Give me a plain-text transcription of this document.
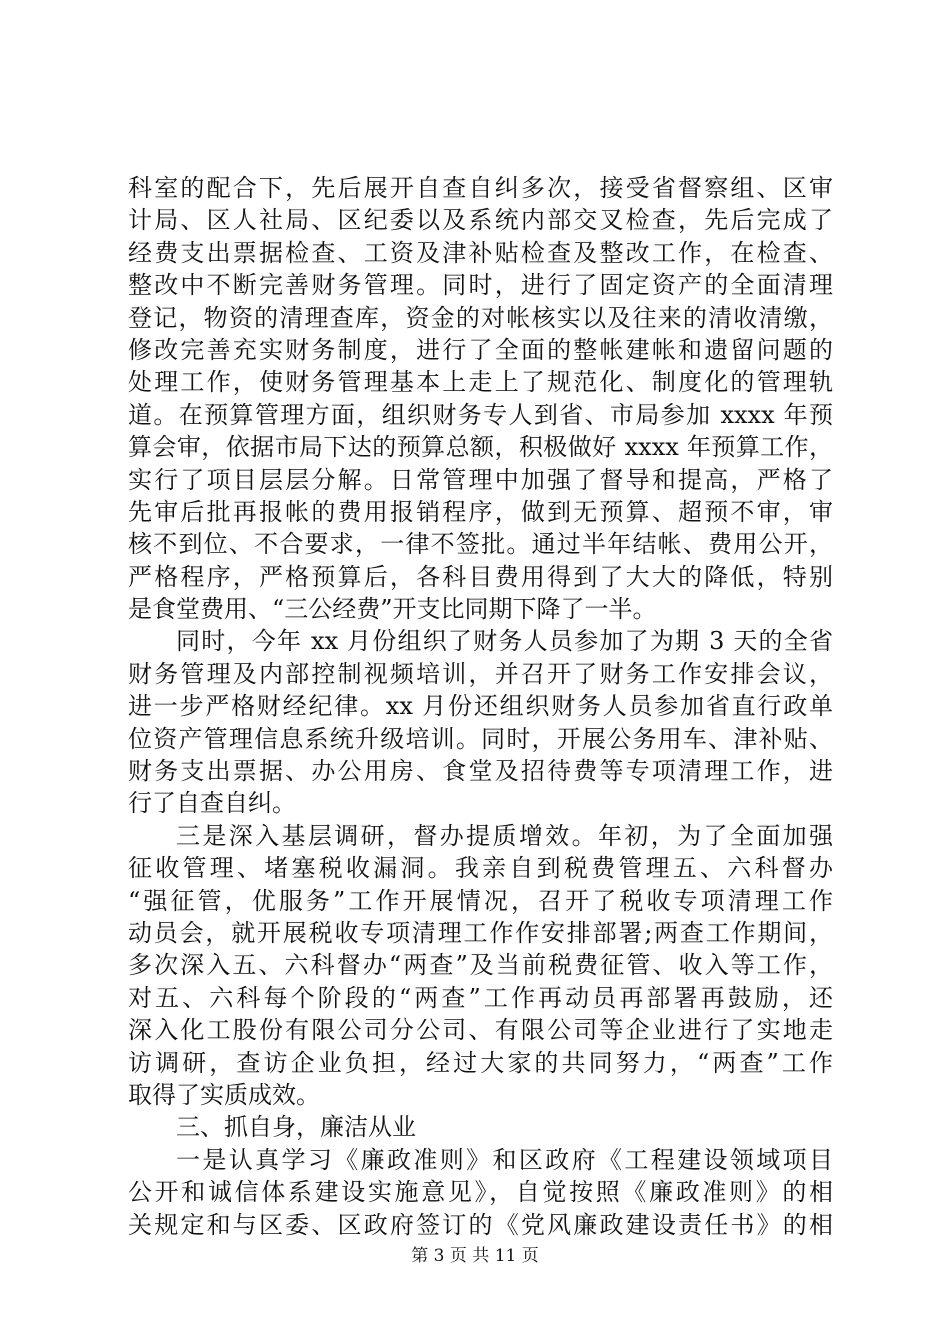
科室的配合下，先后展开自查自纠多次，接受省督察组、区审
计局、区人社局、区纪委以及系统内部交叉检查，先后完成了
经费支出票据检查、工资及津补贴检查及整改工作，在检查、
整改中不断完善财务管理。同时，进行了固定资产的全面清理
登记，物资的清理查库，资金的对帐核实以及往来的清收清缴，
修改完善充实财务制度，进行了全面的整帐建帐和遗留问题的
处理工作，使财务管理基本上走上了规范化、制度化的管理轨
道。在预算管理方面，组织财务专人到省、市局参加 xxxx 年预
算会审，依据市局下达的预算总额，积极做好 xxxx 年预算工作，
实行了项目层层分解。日常管理中加强了督导和提高，严格了
先审后批再报帐的费用报销程序，做到无预算、超预不审，审
核不到位、不合要求，一律不签批。通过半年结帐、费用公开，
严格程序，严格预算后，各科目费用得到了大大的降低，特别
是食堂费用、“三公经费”开支比同期下降了一半。
同时，今年 xx 月份组织了财务人员参加了为期 3 天的全省
财务管理及内部控制视频培训，并召开了财务工作安排会议，
进一步严格财经纪律。xx 月份还组织财务人员参加省直行政单
位资产管理信息系统升级培训。同时，开展公务用车、津补贴、
财务支出票据、办公用房、食堂及招待费等专项清理工作，进
行了自查自纠。
三是深入基层调研，督办提质增效。年初，为了全面加强
征收管理、堵塞税收漏洞。我亲自到税费管理五、六科督办
“强征管，优服务”工作开展情况，召开了税收专项清理工作
动员会，就开展税收专项清理工作作安排部署;两查工作期间，
多次深入五、六科督办“两查”及当前税费征管、收入等工作，
对五、六科每个阶段的“两查”工作再动员再部署再鼓励，还
深入化工股份有限公司分公司、有限公司等企业进行了实地走
访调研，查访企业负担，经过大家的共同努力，“两查”工作
取得了实质成效。
三、抓自身，廉洁从业
一是认真学习《廉政准则》和区政府《工程建设领域项目
公开和诚信体系建设实施意见》，自觉按照《廉政准则》的相
关规定和与区委、区政府签订的《党风廉政建设责任书》的相
第 3 页 共 11 页
